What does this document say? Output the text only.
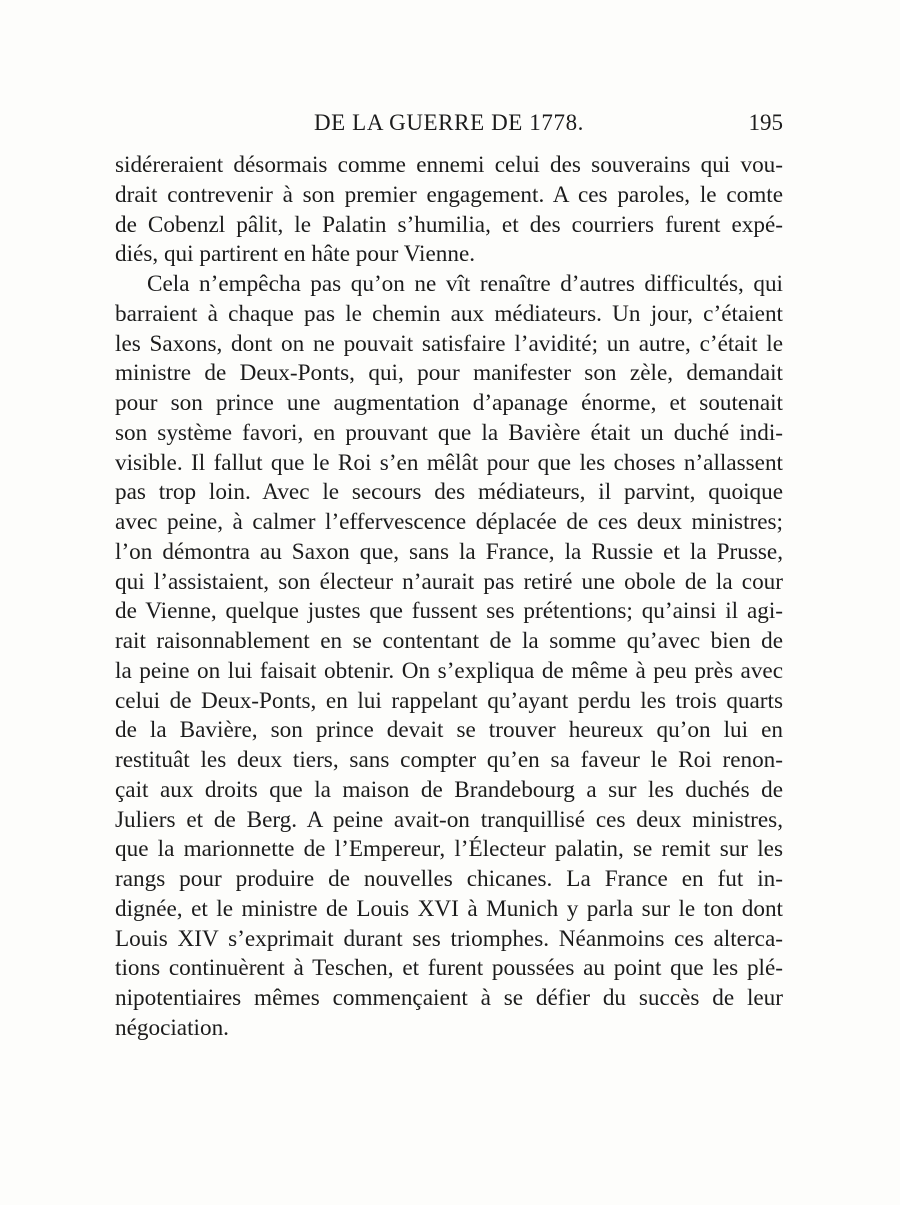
DE LA GUERRE DE 1778.	195

sidéreraient désormais comme ennemi celui des souverains qui vou-
drait contrevenir à son premier engagement. A ces paroles, le comte
de Cobenzl pâlit, le Palatin s’humilia, et des courriers furent expé-
diés, qui partirent en hâte pour Vienne.

Cela n’empêcha pas qu’on ne vît renaître d’autres difficultés, qui
barraient à chaque pas le chemin aux médiateurs. Un jour, c’étaient
les Saxons, dont on ne pouvait satisfaire l’avidité; un autre, c’était le
ministre de Deux-Ponts, qui, pour manifester son zèle, demandait
pour son prince une augmentation d’apanage énorme, et soutenait
son système favori, en prouvant que la Bavière était un duché indi-
visible. Il fallut que le Roi s’en mêlât pour que les choses n’allassent
pas trop loin. Avec le secours des médiateurs, il parvint, quoique
avec peine, à calmer l’effervescence déplacée de ces deux ministres;
l’on démontra au Saxon que, sans la France, la Russie et la Prusse,
qui l’assistaient, son électeur n’aurait pas retiré une obole de la cour
de Vienne, quelque justes que fussent ses prétentions; qu’ainsi il agi-
rait raisonnablement en se contentant de la somme qu’avec bien de
la peine on lui faisait obtenir. On s’expliqua de même à peu près avec
celui de Deux-Ponts, en lui rappelant qu’ayant perdu les trois quarts
de la Bavière, son prince devait se trouver heureux qu’on lui en
restituât les deux tiers, sans compter qu’en sa faveur le Roi renon-
çait aux droits que la maison de Brandebourg a sur les duchés de
Juliers et de Berg. A peine avait-on tranquillisé ces deux ministres,
que la marionnette de l’Empereur, l’Électeur palatin, se remit sur les
rangs pour produire de nouvelles chicanes. La France en fut in-
dignée, et le ministre de Louis XVI à Munich y parla sur le ton dont
Louis XIV s’exprimait durant ses triomphes. Néanmoins ces alterca-
tions continuèrent à Teschen, et furent poussées au point que les plé-
nipotentiaires mêmes commençaient à se défier du succès de leur
négociation.
